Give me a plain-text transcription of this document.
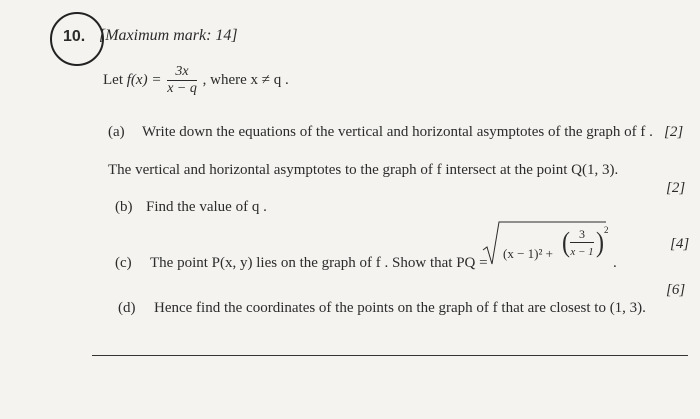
10. [Maximum mark: 14]
Let $f(x) = \frac{3x}{x - q}$ , where x ≠ q .
(a) Write down the equations of the vertical and horizontal asymptotes of the graph of f . [2]
The vertical and horizontal asymptotes to the graph of f intersect at the point Q(1, 3).
(b) Find the value of q .
[2]
(c) The point P(x, y) lies on the graph of f . Show that PQ =
(x − 1)² + ( 3
x − 1 ) 2
.
[4]
(d) Hence find the coordinates of the points on the graph of f that are closest to (1, 3).
[6]
